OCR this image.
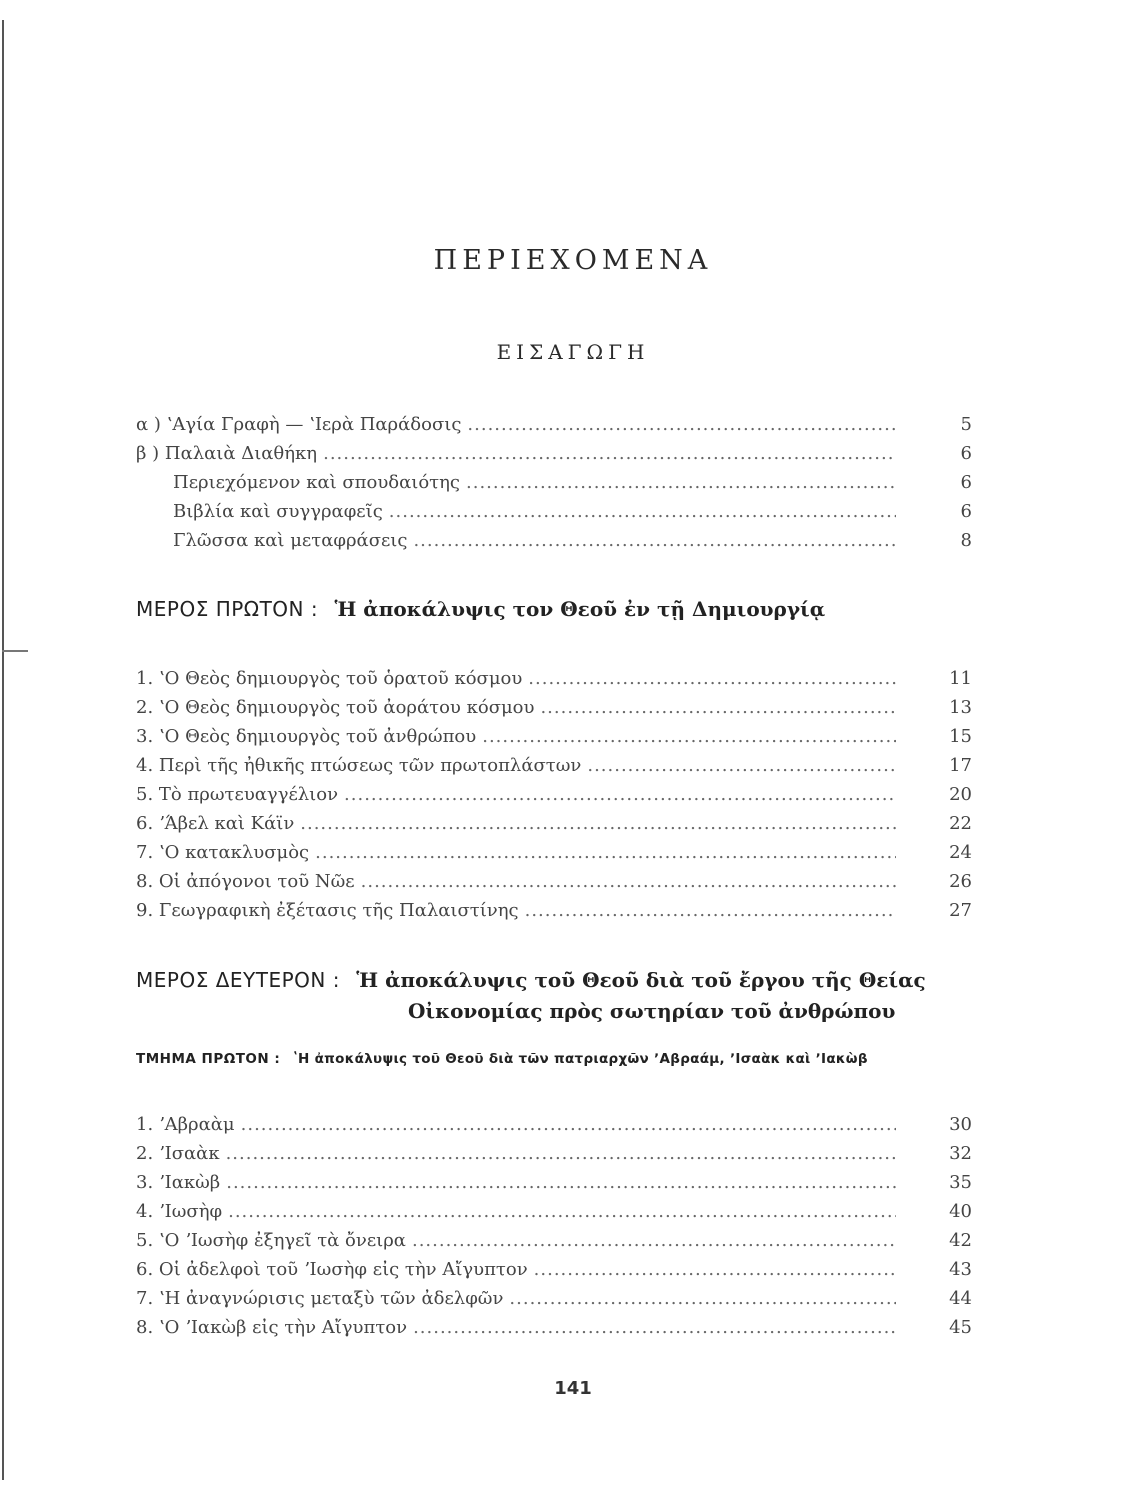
ΠΕΡΙΕΧΟΜΕΝΑ
ΕΙΣΑΓΩΓΗ
α ) ʽΑγία Γραφὴ — ʽΙερὰ Παράδοσις .....	5
β ) Παλαιὰ Διαθήκη .....	6
Περιεχόμενον καὶ σπουδαιότης .....	6
Βιβλία καὶ συγγραφεῖς .....	6
Γλῶσσα καὶ μεταφράσεις .....	8
ΜΕΡΟΣ ΠΡΩΤΟΝ : Ἡ ἀποκάλυψις τον Θεοῦ ἐν τῇ Δημιουργίᾳ
1. ʽΟ Θεὸς δημιουργὸς τοῦ ὁρατοῦ κόσμου .....	11
2. ʽΟ Θεὸς δημιουργὸς τοῦ ἀοράτου κόσμου .....	13
3. ʽΟ Θεὸς δημιουργὸς τοῦ ἀνθρώπου .....	15
4. Περὶ τῆς ἠθικῆς πτώσεως τῶν πρωτοπλάστων .....	17
5. Τὸ πρωτευαγγέλιον .....	20
6. ʼΆβελ καὶ Κάϊν .....	22
7. ʽΟ κατακλυσμὸς .....	24
8. Οἱ ἀπόγονοι τοῦ Νῶε .....	26
9. Γεωγραφικὴ ἐξέτασις τῆς Παλαιστίνης .....	27
ΜΕΡΟΣ ΔΕΥΤΕΡΟΝ : Ἡ ἀποκάλυψις τοῦ Θεοῦ διὰ τοῦ ἔργου τῆς Θείας
Οἰκονομίας πρὸς σωτηρίαν τοῦ ἀνθρώπου
ΤΜΗΜΑ ΠΡΩΤΟΝ : ʽΗ ἀποκάλυψις τοῦ Θεοῦ διὰ τῶν πατριαρχῶν ʼΑβραάμ, ʼΙσαὰκ καὶ ʼΙακὼβ
1. ʼΑβραὰμ .....	30
2. ʼΙσαὰκ .....	32
3. ʼΙακὼβ .....	35
4. ʼΙωσὴφ .....	40
5. ʽΟ ʼΙωσὴφ ἐξηγεῖ τὰ ὄνειρα .....	42
6. Οἱ ἀδελφοὶ τοῦ ʼΙωσὴφ εἰς τὴν Αἴγυπτον .....	43
7. ʽΗ ἀναγνώρισις μεταξὺ τῶν ἀδελφῶν .....	44
8. ʽΟ ʼΙακὼβ εἰς τὴν Αἴγυπτον .....	45
141
